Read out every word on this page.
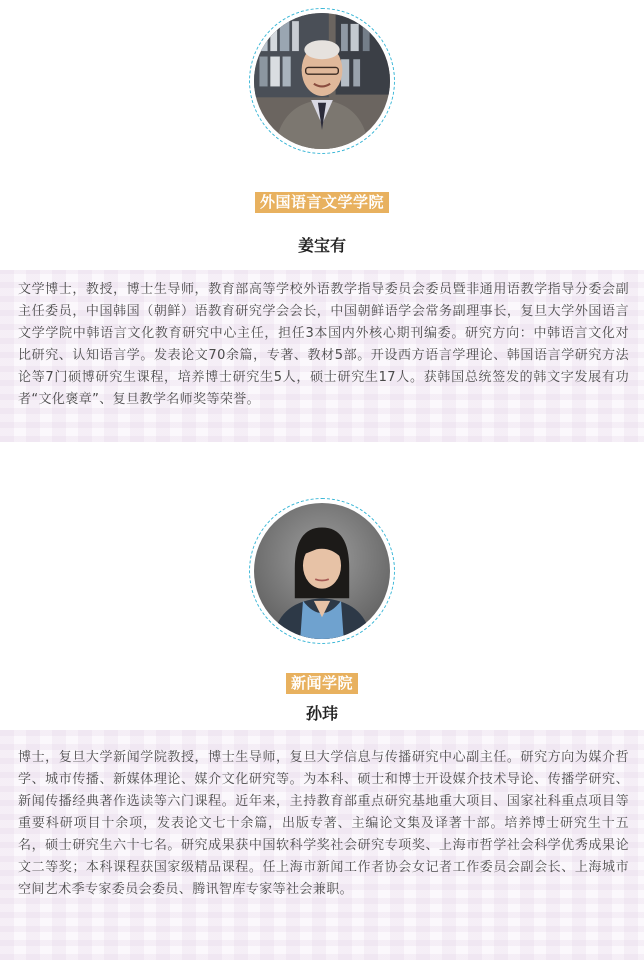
外国语言文学学院
姜宝有

文学博士，教授，博士生导师，教育部高等学校外语教学指导委员会委员暨非通用语教学指导分委会副主任委员，中国韩国（朝鲜）语教育研究学会会长，中国朝鲜语学会常务副理事长，复旦大学外国语言文学学院中韩语言文化教育研究中心主任，担任3本国内外核心期刊编委。研究方向：中韩语言文化对比研究、认知语言学。发表论文70余篇，专著、教材5部。开设西方语言学理论、韩国语言学研究方法论等7门硕博研究生课程，培养博士研究生5人，硕士研究生17人。获韩国总统签发的韩文字发展有功者“文化褒章”、复旦教学名师奖等荣誉。

新闻学院
孙玮

博士，复旦大学新闻学院教授，博士生导师，复旦大学信息与传播研究中心副主任。研究方向为媒介哲学、城市传播、新媒体理论、媒介文化研究等。为本科、硕士和博士开设媒介技术导论、传播学研究、新闻传播经典著作选读等六门课程。近年来，主持教育部重点研究基地重大项目、国家社科重点项目等重要科研项目十余项，发表论文七十余篇，出版专著、主编论文集及译著十部。培养博士研究生十五名，硕士研究生六十七名。研究成果获中国软科学奖社会研究专项奖、上海市哲学社会科学优秀成果论文二等奖；本科课程获国家级精品课程。任上海市新闻工作者协会女记者工作委员会副会长、上海城市空间艺术季专家委员会委员、腾讯智库专家等社会兼职。
